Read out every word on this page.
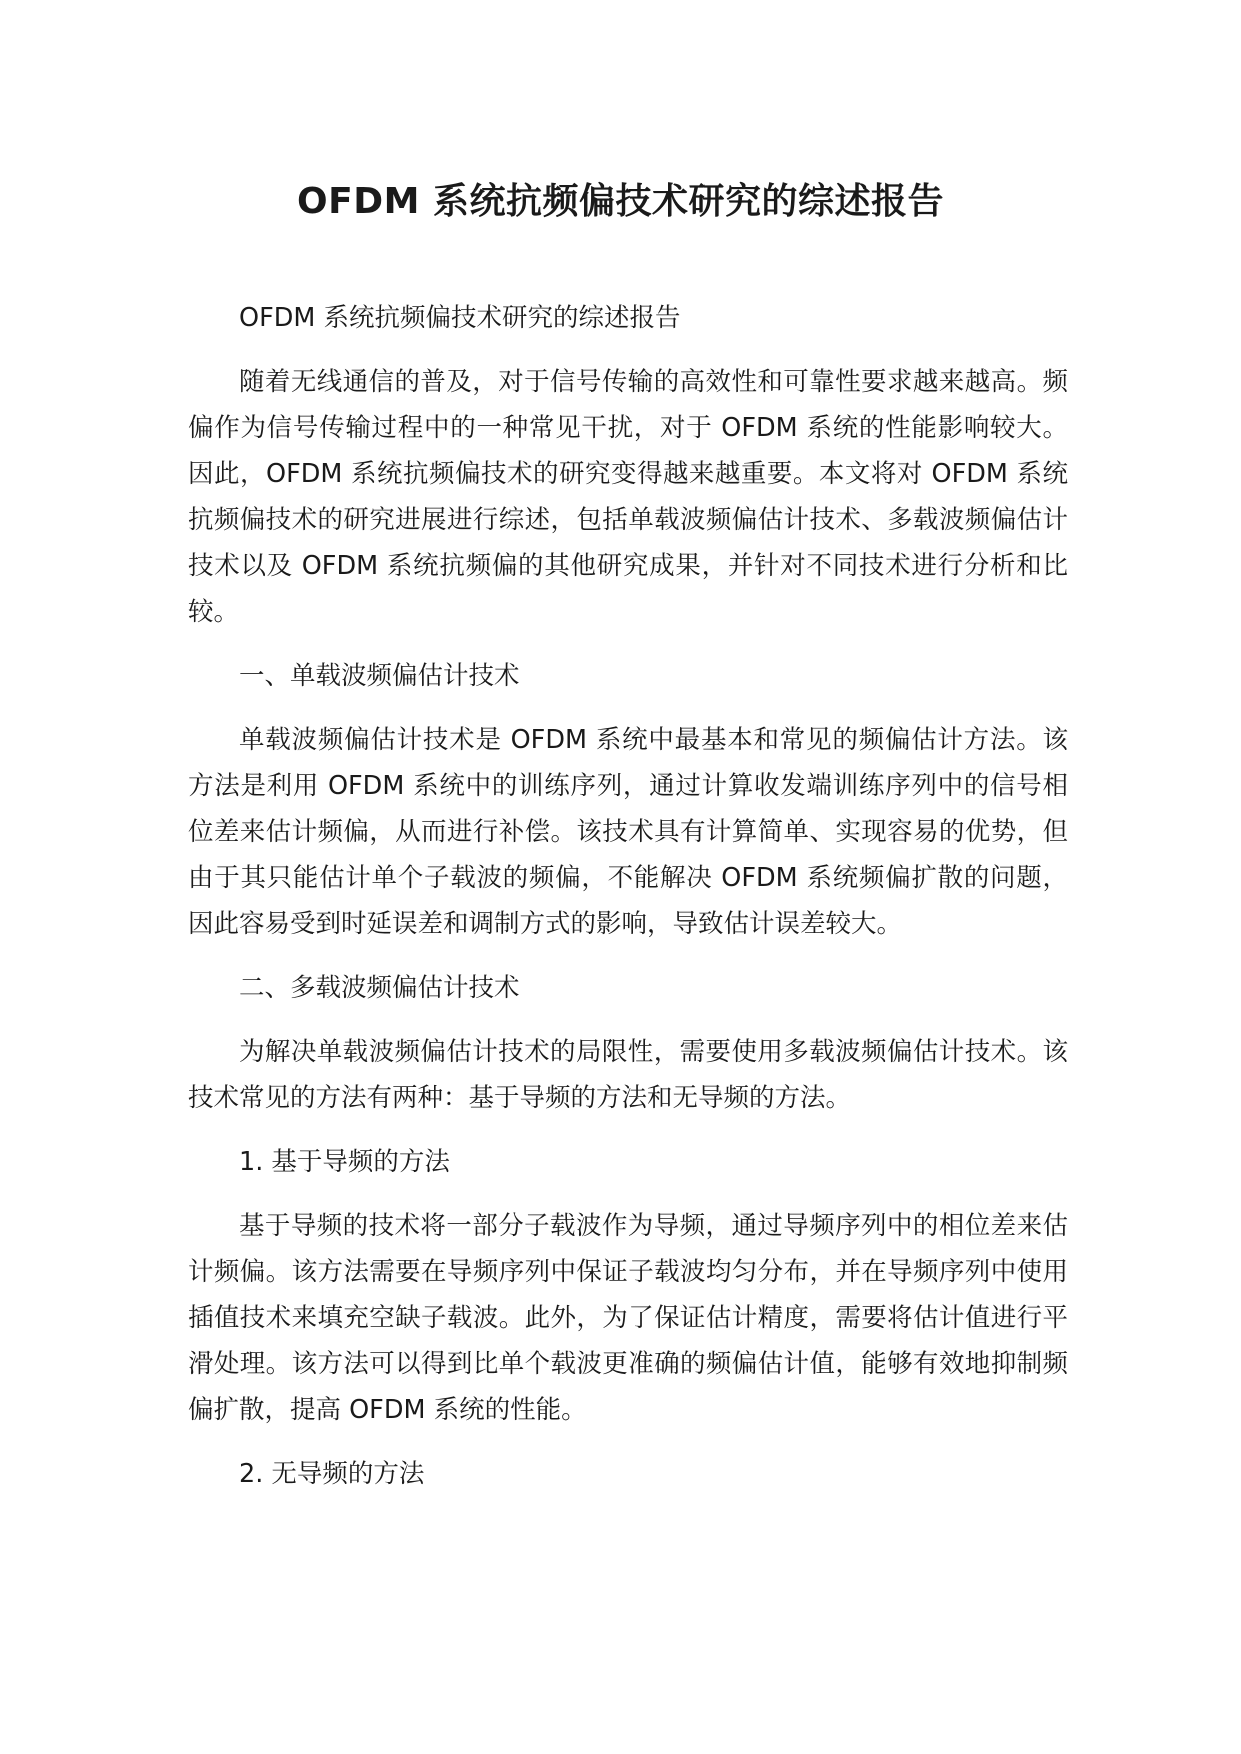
OFDM 系统抗频偏技术研究的综述报告

OFDM 系统抗频偏技术研究的综述报告

随着无线通信的普及，对于信号传输的高效性和可靠性要求越来越高。频偏作为信号传输过程中的一种常见干扰，对于 OFDM 系统的性能影响较大。因此，OFDM 系统抗频偏技术的研究变得越来越重要。本文将对 OFDM 系统抗频偏技术的研究进展进行综述，包括单载波频偏估计技术、多载波频偏估计技术以及 OFDM 系统抗频偏的其他研究成果，并针对不同技术进行分析和比较。

一、单载波频偏估计技术

单载波频偏估计技术是 OFDM 系统中最基本和常见的频偏估计方法。该方法是利用 OFDM 系统中的训练序列，通过计算收发端训练序列中的信号相位差来估计频偏，从而进行补偿。该技术具有计算简单、实现容易的优势，但由于其只能估计单个子载波的频偏，不能解决 OFDM 系统频偏扩散的问题，因此容易受到时延误差和调制方式的影响，导致估计误差较大。

二、多载波频偏估计技术

为解决单载波频偏估计技术的局限性，需要使用多载波频偏估计技术。该技术常见的方法有两种：基于导频的方法和无导频的方法。

1. 基于导频的方法

基于导频的技术将一部分子载波作为导频，通过导频序列中的相位差来估计频偏。该方法需要在导频序列中保证子载波均匀分布，并在导频序列中使用插值技术来填充空缺子载波。此外，为了保证估计精度，需要将估计值进行平滑处理。该方法可以得到比单个载波更准确的频偏估计值，能够有效地抑制频偏扩散，提高 OFDM 系统的性能。

2. 无导频的方法
